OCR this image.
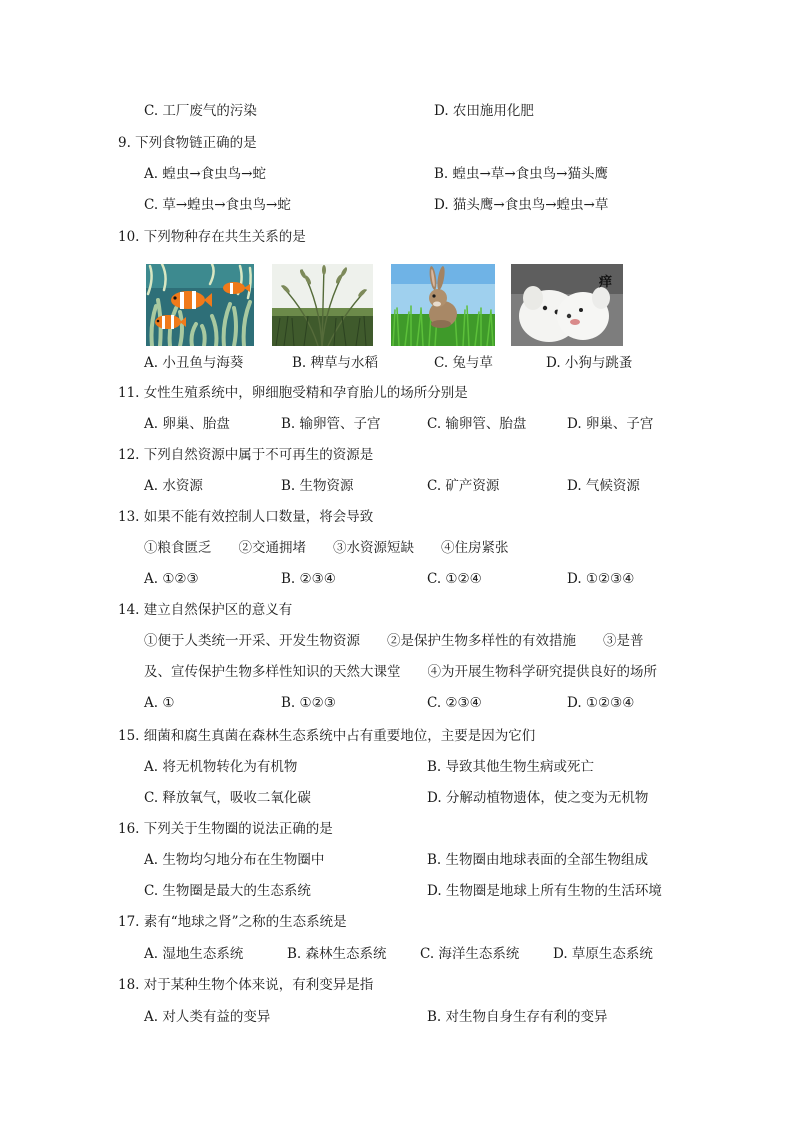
C. 工厂废气的污染	D. 农田施用化肥
9. 下列食物链正确的是
A. 蝗虫→食虫鸟→蛇	B. 蝗虫→草→食虫鸟→猫头鹰
C. 草→蝗虫→食虫鸟→蛇	D. 猫头鹰→食虫鸟→蝗虫→草
10. 下列物种存在共生关系的是
痒
A. 小丑鱼与海葵	B. 稗草与水稻	C. 兔与草	D. 小狗与跳蚤
11. 女性生殖系统中，卵细胞受精和孕育胎儿的场所分别是
A. 卵巢、胎盘	B. 输卵管、子宫	C. 输卵管、胎盘	D. 卵巢、子宫
12. 下列自然资源中属于不可再生的资源是
A. 水资源	B. 生物资源	C. 矿产资源	D. 气候资源
13. 如果不能有效控制人口数量，将会导致
①粮食匮乏　　②交通拥堵　　③水资源短缺　　④住房紧张
A. ①②③	B. ②③④	C. ①②④	D. ①②③④
14. 建立自然保护区的意义有
①便于人类统一开采、开发生物资源　　②是保护生物多样性的有效措施　　③是普
及、宣传保护生物多样性知识的天然大课堂　　④为开展生物科学研究提供良好的场所
A. ①	B. ①②③	C. ②③④	D. ①②③④
15. 细菌和腐生真菌在森林生态系统中占有重要地位，主要是因为它们
A. 将无机物转化为有机物	B. 导致其他生物生病或死亡
C. 释放氧气，吸收二氧化碳	D. 分解动植物遗体，使之变为无机物
16. 下列关于生物圈的说法正确的是
A. 生物均匀地分布在生物圈中	B. 生物圈由地球表面的全部生物组成
C. 生物圈是最大的生态系统	D. 生物圈是地球上所有生物的生活环境
17. 素有“地球之肾”之称的生态系统是
A. 湿地生态系统	B. 森林生态系统 C. 海洋生态系统 D. 草原生态系统
18. 对于某种生物个体来说，有利变异是指
A. 对人类有益的变异	B. 对生物自身生存有利的变异
